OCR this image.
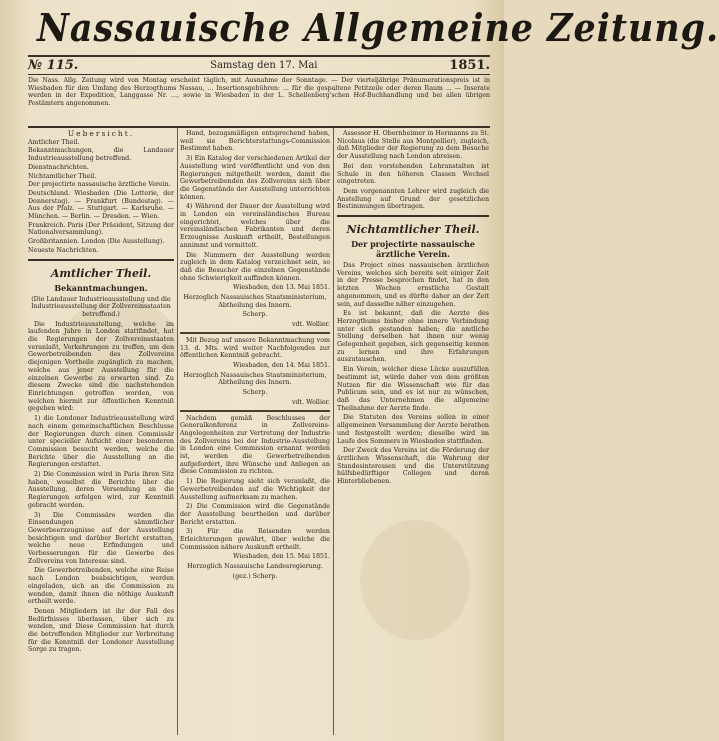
Nassauische Allgemeine Zeitung.
№ 115.	Samstag den 17. Mai	1851.
Die Nass. Allg. Zeitung wird von Montag erscheint täglich, mit Ausnahme der Sonntage. — Der vierteljährige Pränumerationspreis ist in Wiesbaden für den Umfang des Herzogthums Nassau, ... Insertionsgebühren: ... für die gespaltene Petitzeile oder deren Raum ... — Inserate werden in der Expedition, Langgasse Nr. ..., sowie in Wiesbaden in der L. Schellenberg'schen Hof-Buchhandlung und bei allen übrigen Postämtern angenommen.

Uebersicht.

Amtlicher Theil.

Bekanntmachungen, die Landauer Industrieausstellung betreffend.

Dienstnachrichten.

Nichtamtlicher Theil.

Der projectirte nassauische ärztliche Verein.

Deutschland. Wiesbaden (Die Lotterie, der Donnerstag). — Frankfurt (Bundestag). — Aus der Pfalz. — Stuttgart. — Karlsruhe. — München. — Berlin. — Dresden. — Wien.

Frankreich. Paris (Der Präsident, Sitzung der Nationalversammlung).

Großbritannien. London (Die Ausstellung).

Neueste Nachrichten.

Amtlicher Theil.

Bekanntmachungen.

(Die Landauer Industrieausstellung und die Industrieausstellung der Zollvereinsstaaten betreffend.)

Die Industrieausstellung, welche im laufenden Jahre in London stattfindet, hat die Regierungen der Zollvereinsstaaten veranlaßt, Vorkehrungen zu treffen, um den Gewerbetreibenden des Zollvereins diejenigen Vortheile zugänglich zu machen, welche aus jener Ausstellung für die einzelnen Gewerbe zu erwarten sind. Zu diesem Zwecke sind die nachstehenden Einrichtungen getroffen worden, von welchen hiermit zur öffentlichen Kenntniß gegeben wird:

1) die Londoner Industrieausstellung wird nach einem gemeinschaftlichen Beschlusse der Regierungen durch einen Commissär unter specieller Aufsicht einer besonderen Commission besucht werden, welche die Berichte über die Ausstellung an die Regierungen erstattet.

2) Die Commission wird in Paris ihren Sitz haben, woselbst die Berichte über die Ausstellung, deren Versendung an die Regierungen erfolgen wird, zur Kenntniß gebracht werden.

3) Die Commissäre werden die Einsendungen sämmtlicher Gewerbeerzeugnisse auf der Ausstellung besichtigen und darüber Bericht erstatten, welche neue Erfindungen und Verbesserungen für die Gewerbe des Zollvereins von Interesse sind.

Die Gewerbetreibenden, welche eine Reise nach London beabsichtigen, werden eingeladen, sich an die Commission zu wenden, damit ihnen die nöthige Auskunft ertheilt werde.

Denen Mitgliedern ist ihr der Fall des Bedürfnisses überlassen, über sich zu wenden, und Diese Commission hat durch die betreffenden Mitglieder zur Verbreitung für die Kenntniß der Londoner Ausstellung Sorge zu tragen.

Hand, bezugsmäßigen entsprechend haben, weil sie Berichterstattungs-Commission Bestimmt haben.

3) Ein Katalog der verschiedenen Artikel der Ausstellung wird veröffentlicht und von den Regierungen mitgetheilt werden, damit die Gewerbetreibenden des Zollvereins sich über die Gegenstände der Ausstellung unterrichten können.

4) Während der Dauer der Ausstellung wird in London ein vereinsländisches Bureau eingerichtet, welches über die vereinsländischen Fabrikanten und deren Erzeugnisse Auskunft ertheilt, Bestellungen annimmt und vermittelt.

Die Nummern der Ausstellung werden zugleich in dem Katalog verzeichnet sein, so daß die Besucher die einzelnen Gegenstände ohne Schwierigkeit auffinden können.

Wiesbaden, den 13. Mai 1851.

Herzoglich Nassauisches Staatsministerium, Abtheilung des Innern.

Scherp.

vdt. Wollier.

Mit Bezug auf unsere Bekanntmachung vom 13. d. Mts. wird weiter Nachfolgendes zur öffentlichen Kenntniß gebracht.

Wiesbaden, den 14. Mai 1851.

Herzoglich Nassauisches Staatsministerium, Abtheilung des Innern.

Scherp.

vdt. Wollier.

Nachdem gemäß Beschlusses der Generalkonferenz in Zollvereins-Angelegenheiten zur Vertretung der Industrie des Zollvereins bei der Industrie-Ausstellung in London eine Commission ernannt worden ist, werden die Gewerbetreibenden aufgefordert, ihre Wünsche und Anliegen an diese Commission zu richten.

1) Die Regierung sieht sich veranlaßt, die Gewerbetreibenden auf die Wichtigkeit der Ausstellung aufmerksam zu machen.

2) Die Commission wird die Gegenstände der Ausstellung beurtheilen und darüber Bericht erstatten.

3) Für die Reisenden werden Erleichterungen gewährt, über welche die Commission nähere Auskunft ertheilt.

Wiesbaden, den 15. Mai 1851.

Herzoglich Nassauische Landesregierung.

(gez.) Scherp.

Assessor H. Obernheimer in Hermanns zu St. Nicolaus (die Stelle aus Montpellier), zugleich, daß Mitglieder der Regierung zu dem Besuche der Ausstellung nach London abreisen.

Bei den vorstehenden Lehranstalten ist Schule in den höheren Classen Wechsel eingetreten.

Dem vorgenannten Lehrer wird zugleich die Anstellung auf Grund der gesetzlichen Bestimmungen übertragen.

Nichtamtlicher Theil.

Der projectirte nassauische ärztliche Verein.

Das Project eines nassauischen ärztlichen Vereins, welches sich bereits seit einiger Zeit in der Presse besprochen findet, hat in den letzten Wochen ernstliche Gestalt angenommen, und es dürfte daher an der Zeit sein, auf dasselbe näher einzugehen.

Es ist bekannt, daß die Aerzte des Herzogthums bisher ohne innere Verbindung unter sich gestanden haben; die amtliche Stellung derselben hat ihnen nur wenig Gelegenheit gegeben, sich gegenseitig kennen zu lernen und ihre Erfahrungen auszutauschen.

Ein Verein, welcher diese Lücke auszufüllen bestimmt ist, würde daher von dem größten Nutzen für die Wissenschaft wie für das Publicum sein, und es ist nur zu wünschen, daß das Unternehmen die allgemeine Theilnahme der Aerzte finde.

Die Statuten des Vereins sollen in einer allgemeinen Versammlung der Aerzte berathen und festgestellt werden; dieselbe wird im Laufe des Sommers in Wiesbaden stattfinden.

Der Zweck des Vereins ist die Förderung der ärztlichen Wissenschaft, die Wahrung der Standesinteressen und die Unterstützung hülfsbedürftiger Collegen und deren Hinterbliebenen.
